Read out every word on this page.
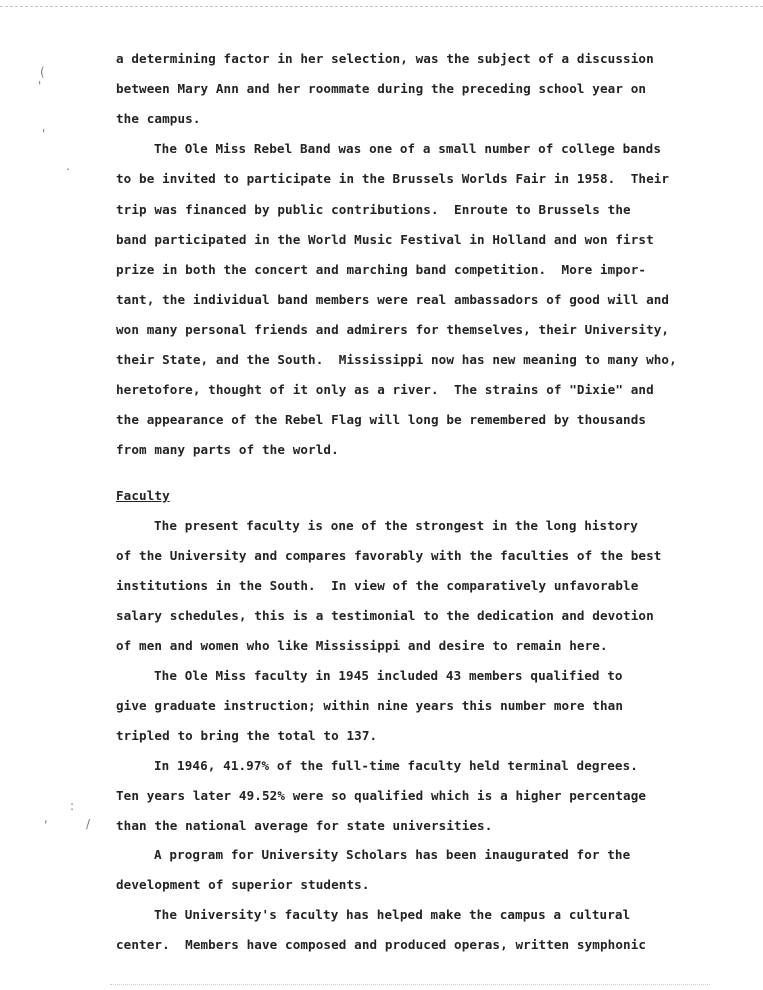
(
'
'
.
:
/
,
a determining factor in her selection, was the subject of a discussion
between Mary Ann and her roommate during the preceding school year on
the campus.
The Ole Miss Rebel Band was one of a small number of college bands
to be invited to participate in the Brussels Worlds Fair in 1958.  Their
trip was financed by public contributions.  Enroute to Brussels the
band participated in the World Music Festival in Holland and won first
prize in both the concert and marching band competition.  More impor-
tant, the individual band members were real ambassadors of good will and
won many personal friends and admirers for themselves, their University,
their State, and the South.  Mississippi now has new meaning to many who,
heretofore, thought of it only as a river.  The strains of "Dixie" and
the appearance of the Rebel Flag will long be remembered by thousands
from many parts of the world.
Faculty
The present faculty is one of the strongest in the long history
of the University and compares favorably with the faculties of the best
institutions in the South.  In view of the comparatively unfavorable
salary schedules, this is a testimonial to the dedication and devotion
of men and women who like Mississippi and desire to remain here.
The Ole Miss faculty in 1945 included 43 members qualified to
give graduate instruction; within nine years this number more than
tripled to bring the total to 137.
In 1946, 41.97% of the full-time faculty held terminal degrees.
Ten years later 49.52% were so qualified which is a higher percentage
than the national average for state universities.
A program for University Scholars has been inaugurated for the
development of superior students.
The University's faculty has helped make the campus a cultural
center.  Members have composed and produced operas, written symphonic
